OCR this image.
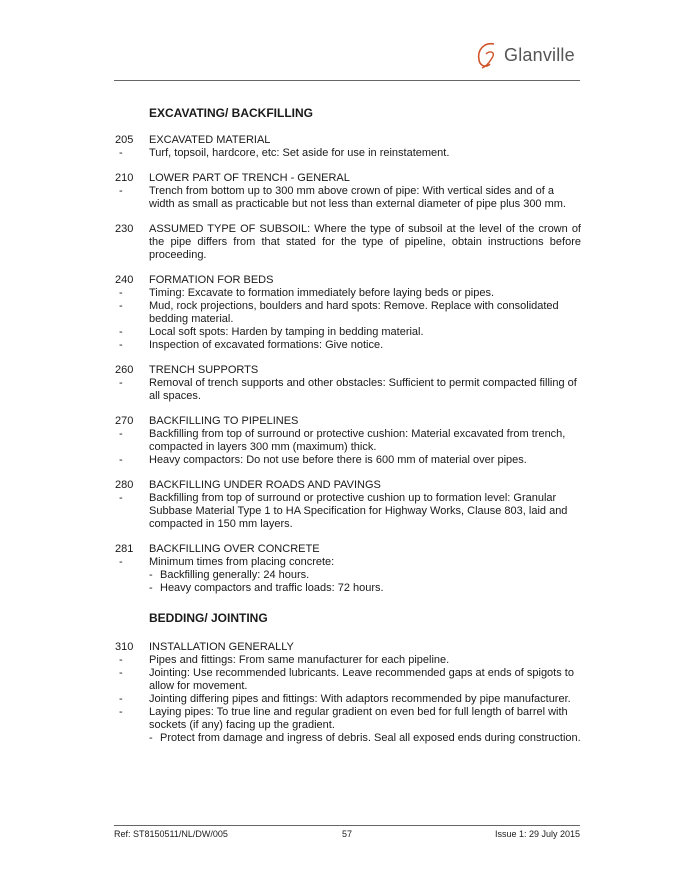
Glanville
EXCAVATING/ BACKFILLING
205	EXCAVATED MATERIAL
- Turf, topsoil, hardcore, etc: Set aside for use in reinstatement.
210	LOWER PART OF TRENCH - GENERAL
- Trench from bottom up to 300 mm above crown of pipe: With vertical sides and of a width as small as practicable but not less than external diameter of pipe plus 300 mm.
230	ASSUMED TYPE OF SUBSOIL: Where the type of subsoil at the level of the crown of the pipe differs from that stated for the type of pipeline, obtain instructions before proceeding.
240	FORMATION FOR BEDS
- Timing: Excavate to formation immediately before laying beds or pipes.
- Mud, rock projections, boulders and hard spots: Remove. Replace with consolidated bedding material.
- Local soft spots: Harden by tamping in bedding material.
- Inspection of excavated formations: Give notice.
260	TRENCH SUPPORTS
- Removal of trench supports and other obstacles: Sufficient to permit compacted filling of all spaces.
270	BACKFILLING TO PIPELINES
- Backfilling from top of surround or protective cushion: Material excavated from trench, compacted in layers 300 mm (maximum) thick.
- Heavy compactors: Do not use before there is 600 mm of material over pipes.
280	BACKFILLING UNDER ROADS AND PAVINGS
- Backfilling from top of surround or protective cushion up to formation level: Granular Subbase Material Type 1 to HA Specification for Highway Works, Clause 803, laid and compacted in 150 mm layers.
281	BACKFILLING OVER CONCRETE
- Minimum times from placing concrete:
- Backfilling generally: 24 hours.
- Heavy compactors and traffic loads: 72 hours.
BEDDING/ JOINTING
310	INSTALLATION GENERALLY
- Pipes and fittings: From same manufacturer for each pipeline.
- Jointing: Use recommended lubricants. Leave recommended gaps at ends of spigots to allow for movement.
- Jointing differing pipes and fittings: With adaptors recommended by pipe manufacturer.
- Laying pipes: To true line and regular gradient on even bed for full length of barrel with sockets (if any) facing up the gradient.
- Protect from damage and ingress of debris. Seal all exposed ends during construction.
Ref: ST8150511/NL/DW/005	57	Issue 1: 29 July 2015
